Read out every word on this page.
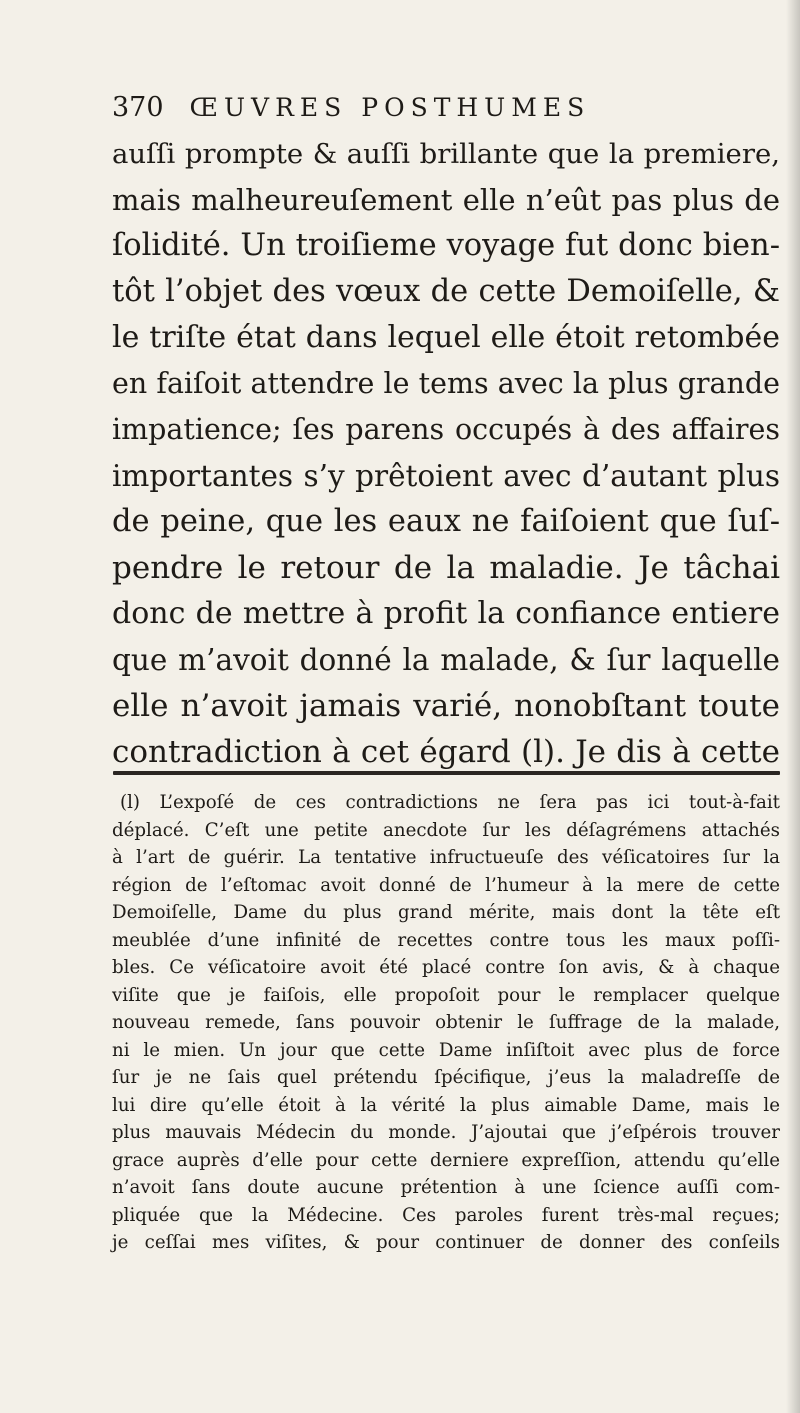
370 ŒUVRES POSTHUMES
auſſi prompte & auſſi brillante que la premiere,
mais malheureuſement elle n’eût pas plus de
ſolidité. Un troiſieme voyage fut donc bien-
tôt l’objet des vœux de cette Demoiſelle, &
le triſte état dans lequel elle étoit retombée
en faiſoit attendre le tems avec la plus grande
impatience; ſes parens occupés à des affaires
importantes s’y prêtoient avec d’autant plus
de peine, que les eaux ne faiſoient que ſuſ-
pendre le retour de la maladie. Je tâchai
donc de mettre à profit la confiance entiere
que m’avoit donné la malade, & ſur laquelle
elle n’avoit jamais varié, nonobſtant toute
contradiction à cet égard (l). Je dis à cette
(l) L’expoſé de ces contradictions ne ſera pas ici tout-à-fait
déplacé. C’eſt une petite anecdote ſur les déſagrémens attachés
à l’art de guérir. La tentative infructueuſe des véſicatoires ſur la
région de l’eſtomac avoit donné de l’humeur à la mere de cette
Demoiſelle, Dame du plus grand mérite, mais dont la tête eſt
meublée d’une infinité de recettes contre tous les maux poſſi-
bles. Ce véſicatoire avoit été placé contre ſon avis, & à chaque
viſite que je faiſois, elle propoſoit pour le remplacer quelque
nouveau remede, ſans pouvoir obtenir le ſuffrage de la malade,
ni le mien. Un jour que cette Dame inſiſtoit avec plus de force
ſur je ne ſais quel prétendu ſpécifique, j’eus la maladreſſe de
lui dire qu’elle étoit à la vérité la plus aimable Dame, mais le
plus mauvais Médecin du monde. J’ajoutai que j’eſpérois trouver
grace auprès d’elle pour cette derniere expreſſion, attendu qu’elle
n’avoit ſans doute aucune prétention à une ſcience auſſi com-
pliquée que la Médecine. Ces paroles furent très-mal reçues;
je ceſſai mes viſites, & pour continuer de donner des conſeils
